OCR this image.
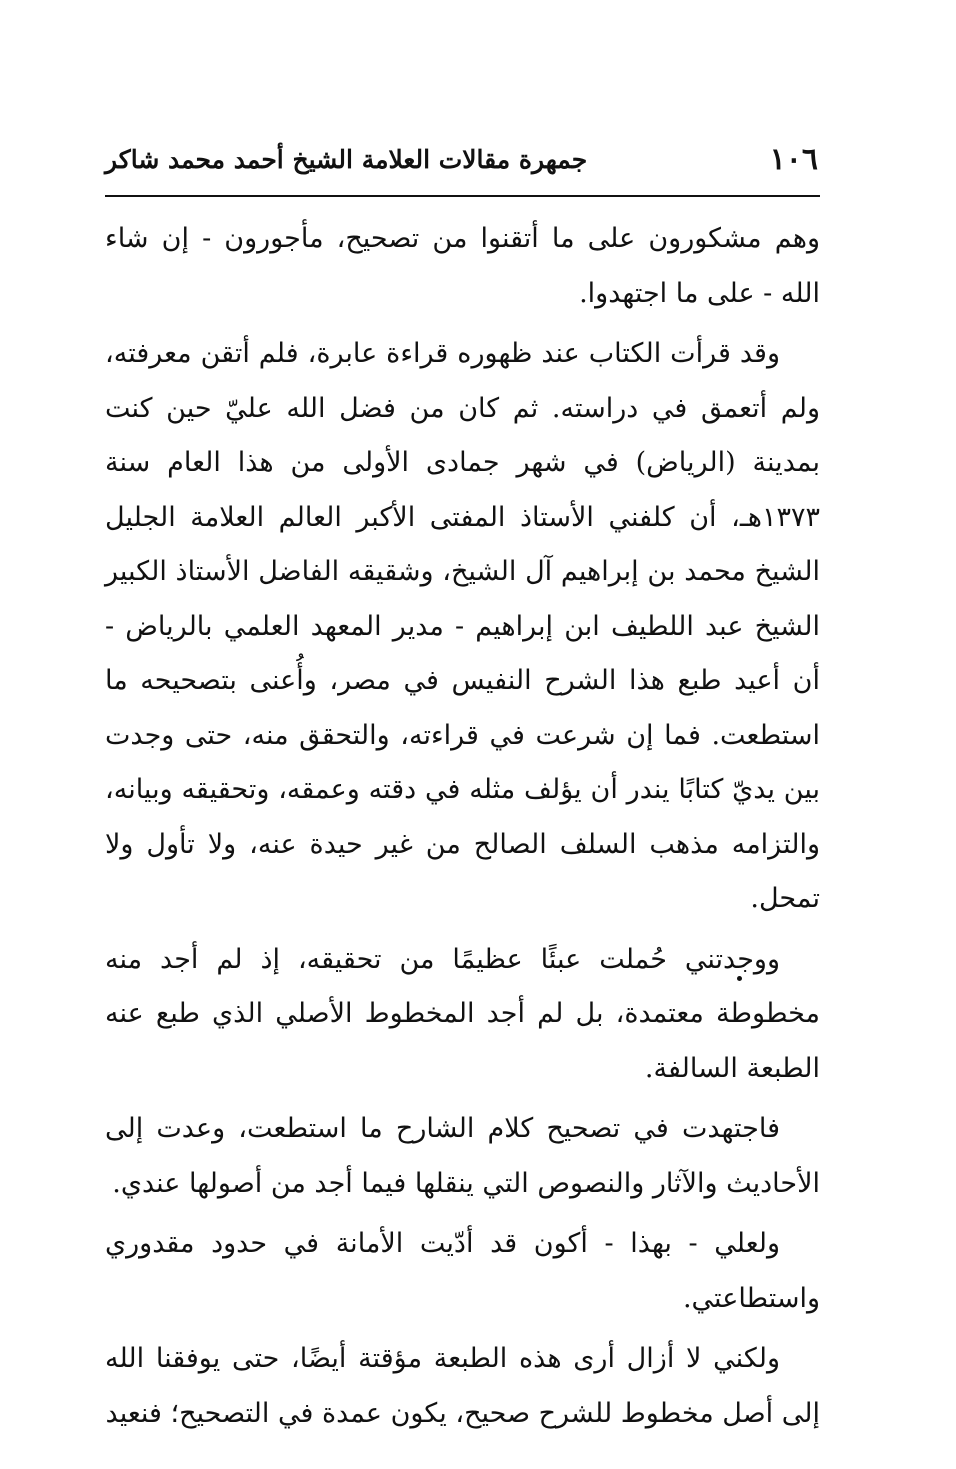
١٠٦
جمهرة مقالات العلامة الشيخ أحمد محمد شاكر

وهم مشكورون على ما أتقنوا من تصحيح، مأجورون - إن شاء الله - على ما اجتهدوا.

وقد قرأت الكتاب عند ظهوره قراءة عابرة، فلم أتقن معرفته، ولم أتعمق في دراسته. ثم كان من فضل الله عليّ حين كنت بمدينة (الرياض) في شهر جمادى الأولى من هذا العام سنة ١٣٧٣هـ، أن كلفني الأستاذ المفتى الأكبر العالم العلامة الجليل الشيخ محمد بن إبراهيم آل الشيخ، وشقيقه الفاضل الأستاذ الكبير الشيخ عبد اللطيف ابن إبراهيم - مدير المعهد العلمي بالرياض - أن أعيد طبع هذا الشرح النفيس في مصر، وأُعنى بتصحيحه ما استطعت. فما إن شرعت في قراءته، والتحقق منه، حتى وجدت بين يديّ كتابًا يندر أن يؤلف مثله في دقته وعمقه، وتحقيقه وبيانه، والتزامه مذهب السلف الصالح من غير حيدة عنه، ولا تأول ولا تمحل.

ووجدتني حُملت عبئًا عظيمًا من تحقيقه، إذ لم أجد منه مخطوطة معتمدة، بل لم أجد المخطوط الأصلي الذي طبع عنه الطبعة السالفة.

فاجتهدت في تصحيح كلام الشارح ما استطعت، وعدت إلى الأحاديث والآثار والنصوص التي ينقلها فيما أجد من أصولها عندي.

ولعلي - بهذا - أكون قد أدّيت الأمانة في حدود مقدوري واستطاعتي.

ولكني لا أزال أرى هذه الطبعة مؤقتة أيضًا، حتى يوفقنا الله إلى أصل مخطوط للشرح صحيح، يكون عمدة في التصحيح؛ فنعيد
